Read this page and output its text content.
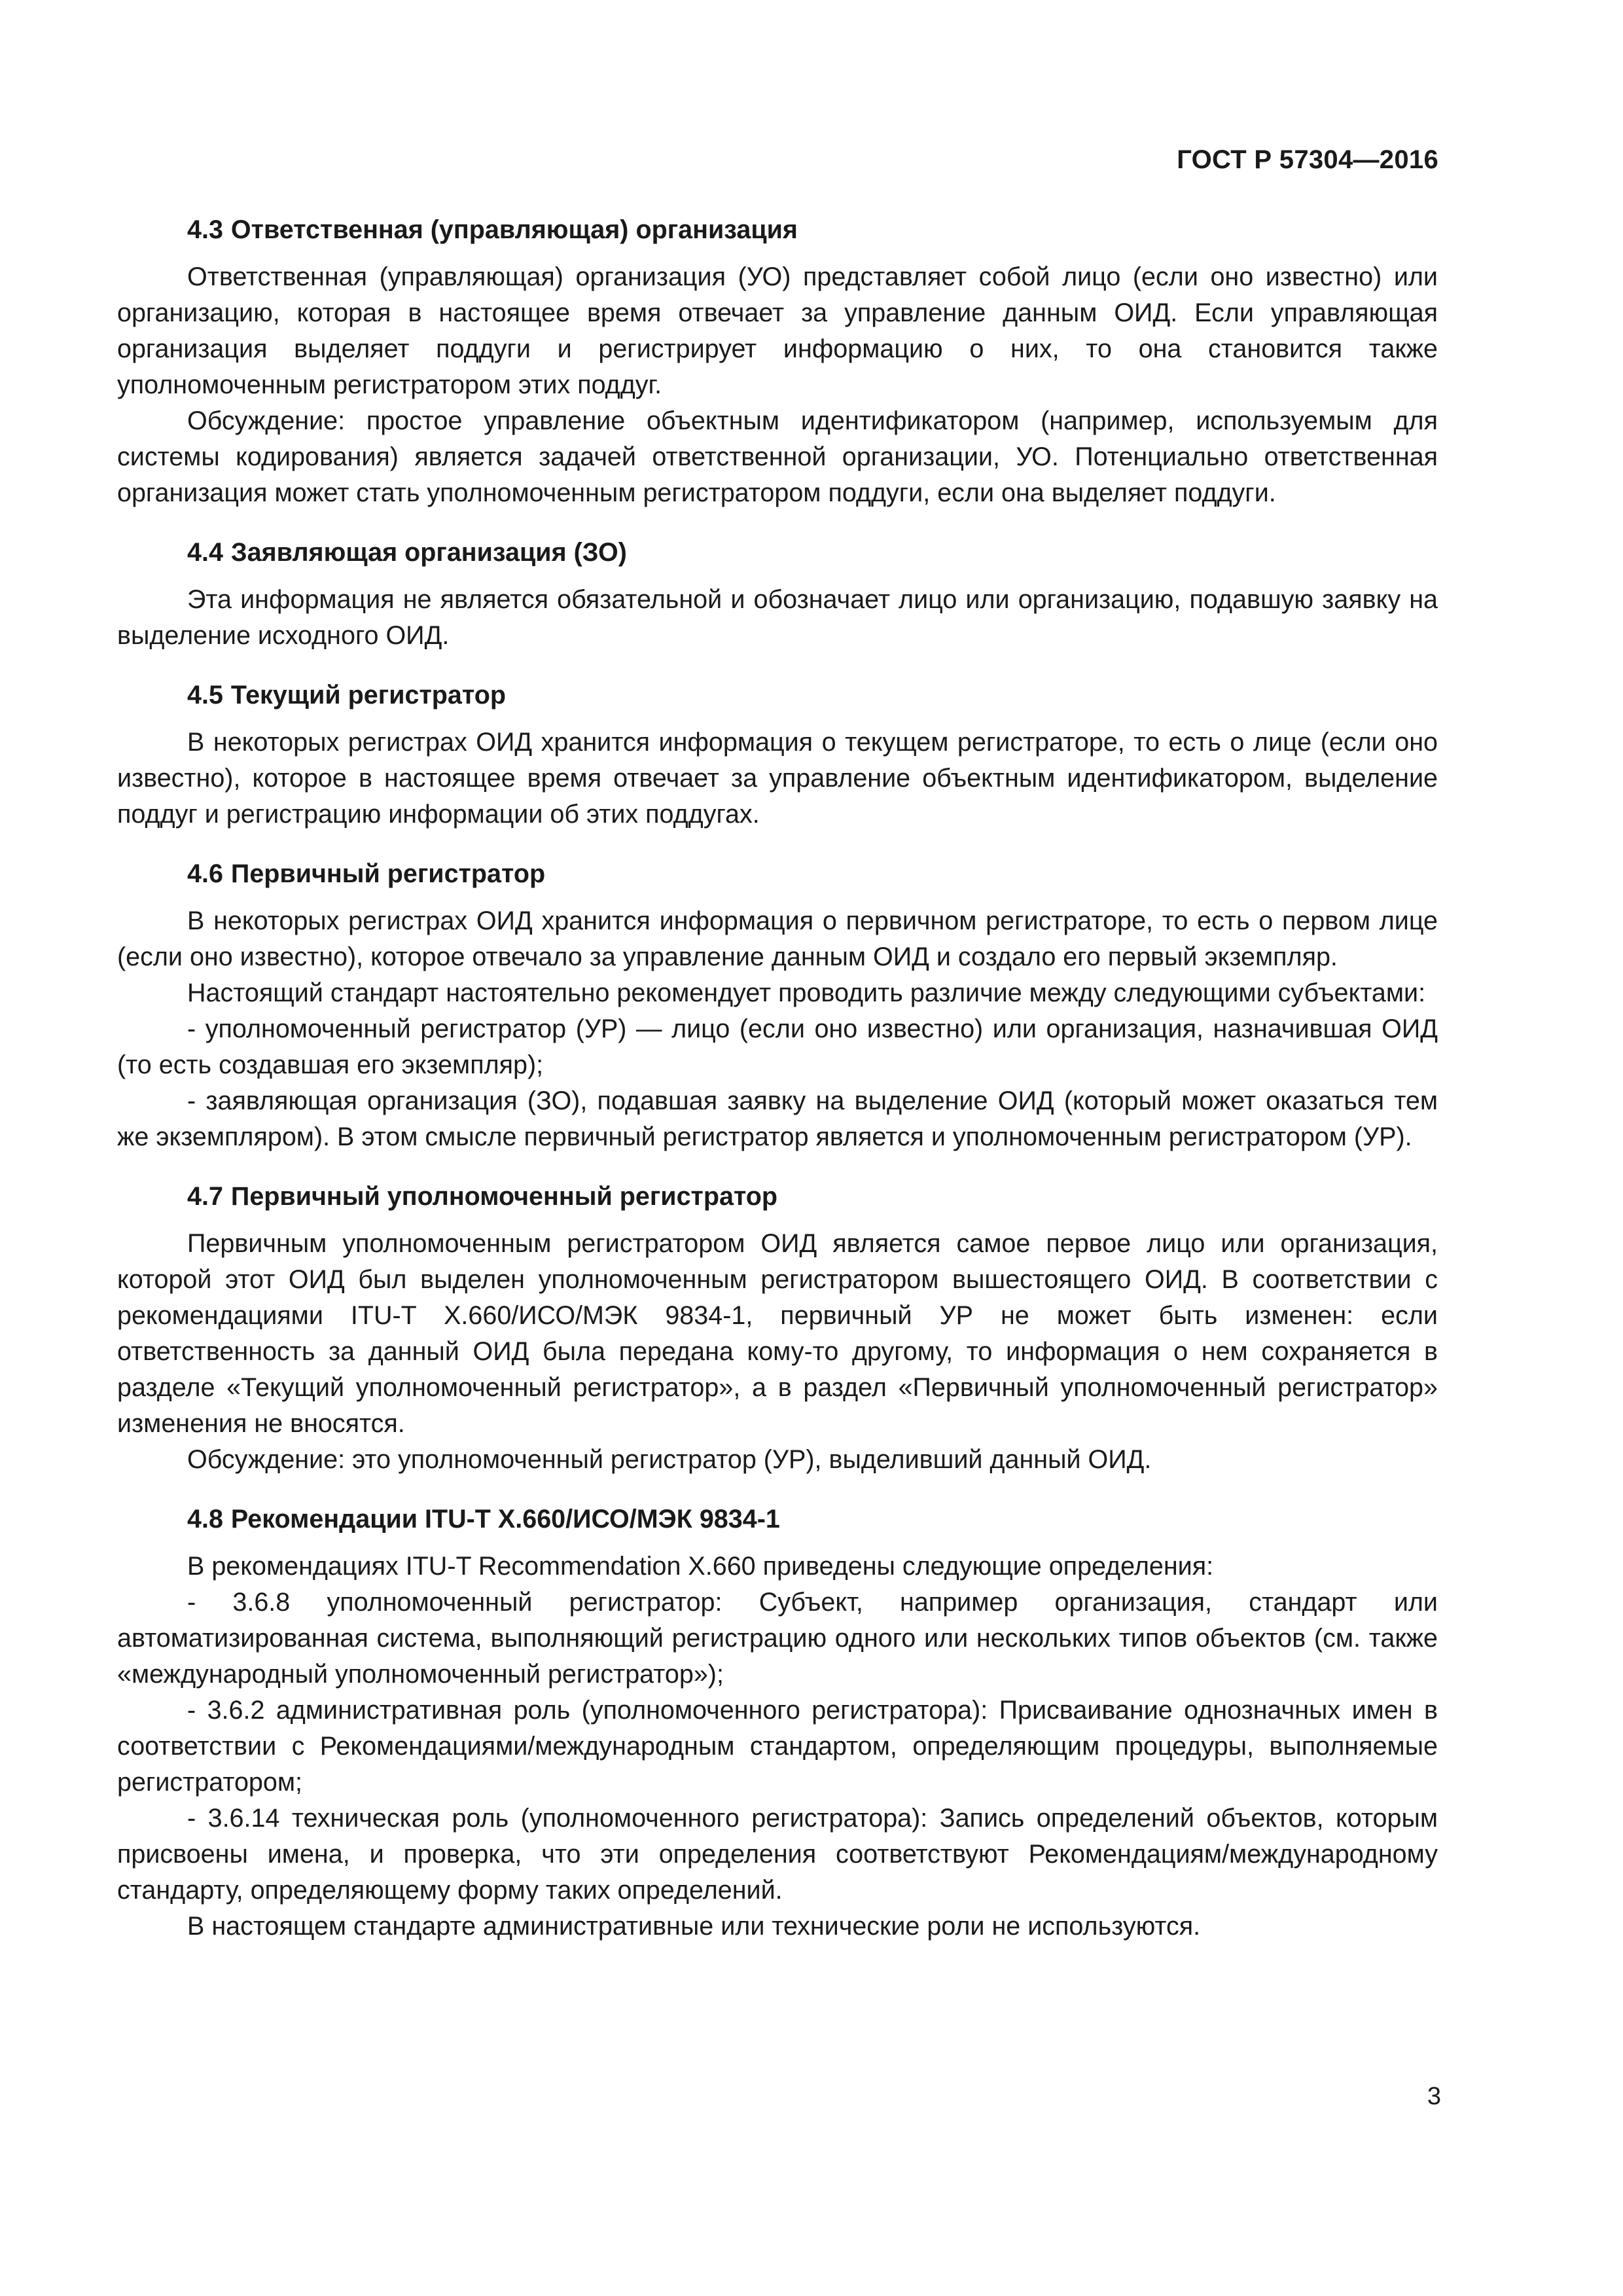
ГОСТ Р 57304—2016
4.3 Ответственная (управляющая) организация

Ответственная (управляющая) организация (УО) представляет собой лицо (если оно известно) или организацию, которая в настоящее время отвечает за управление данным ОИД. Если управляющая организация выделяет поддуги и регистрирует информацию о них, то она становится также уполномоченным регистратором этих поддуг.

Обсуждение: простое управление объектным идентификатором (например, используемым для системы кодирования) является задачей ответственной организации, УО. Потенциально ответственная организация может стать уполномоченным регистратором поддуги, если она выделяет поддуги.

4.4 Заявляющая организация (ЗО)

Эта информация не является обязательной и обозначает лицо или организацию, подавшую заявку на выделение исходного ОИД.

4.5 Текущий регистратор

В некоторых регистрах ОИД хранится информация о текущем регистраторе, то есть о лице (если оно известно), которое в настоящее время отвечает за управление объектным идентификатором, выделение поддуг и регистрацию информации об этих поддугах.

4.6 Первичный регистратор

В некоторых регистрах ОИД хранится информация о первичном регистраторе, то есть о первом лице (если оно известно), которое отвечало за управление данным ОИД и создало его первый экземпляр.

Настоящий стандарт настоятельно рекомендует проводить различие между следующими субъектами:

- уполномоченный регистратор (УР) — лицо (если оно известно) или организация, назначившая ОИД (то есть создавшая его экземпляр);

- заявляющая организация (ЗО), подавшая заявку на выделение ОИД (который может оказаться тем же экземпляром). В этом смысле первичный регистратор является и уполномоченным регистратором (УР).

4.7 Первичный уполномоченный регистратор

Первичным уполномоченным регистратором ОИД является самое первое лицо или организация, которой этот ОИД был выделен уполномоченным регистратором вышестоящего ОИД. В соответствии с рекомендациями ITU-T X.660/ИСО/МЭК 9834-1, первичный УР не может быть изменен: если ответственность за данный ОИД была передана кому-то другому, то информация о нем сохраняется в разделе «Текущий уполномоченный регистратор», а в раздел «Первичный уполномоченный регистратор» изменения не вносятся.

Обсуждение: это уполномоченный регистратор (УР), выделивший данный ОИД.

4.8 Рекомендации ITU-T X.660/ИСО/МЭК 9834-1

В рекомендациях ITU-T Recommendation X.660 приведены следующие определения:

- 3.6.8 уполномоченный регистратор: Субъект, например организация, стандарт или автоматизированная система, выполняющий регистрацию одного или нескольких типов объектов (см. также «международный уполномоченный регистратор»);

- 3.6.2 административная роль (уполномоченного регистратора): Присваивание однозначных имен в соответствии с Рекомендациями/международным стандартом, определяющим процедуры, выполняемые регистратором;

- 3.6.14 техническая роль (уполномоченного регистратора): Запись определений объектов, которым присвоены имена, и проверка, что эти определения соответствуют Рекомендациям/международному стандарту, определяющему форму таких определений.

В настоящем стандарте административные или технические роли не используются.

3
